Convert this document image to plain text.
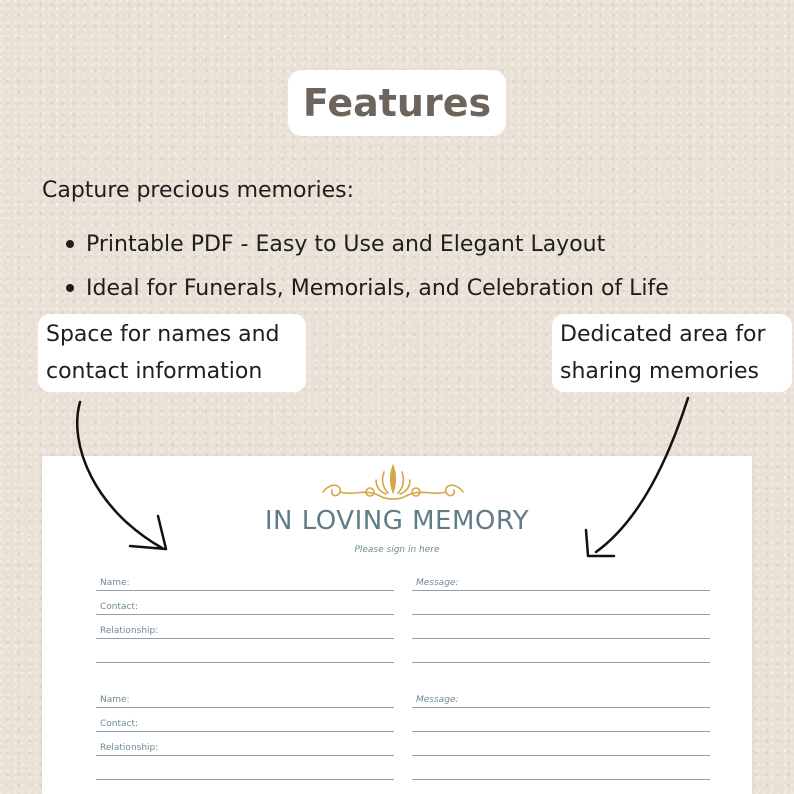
Features
Capture precious memories:
Printable PDF - Easy to Use and Elegant Layout
Ideal for Funerals, Memorials, and Celebration of Life
Space for names and
contact information
Dedicated area for
sharing memories
IN LOVING MEMORY
Please sign in here
Name:
Contact:
Relationship:
Message:
Name:
Contact:
Relationship:
Message:
